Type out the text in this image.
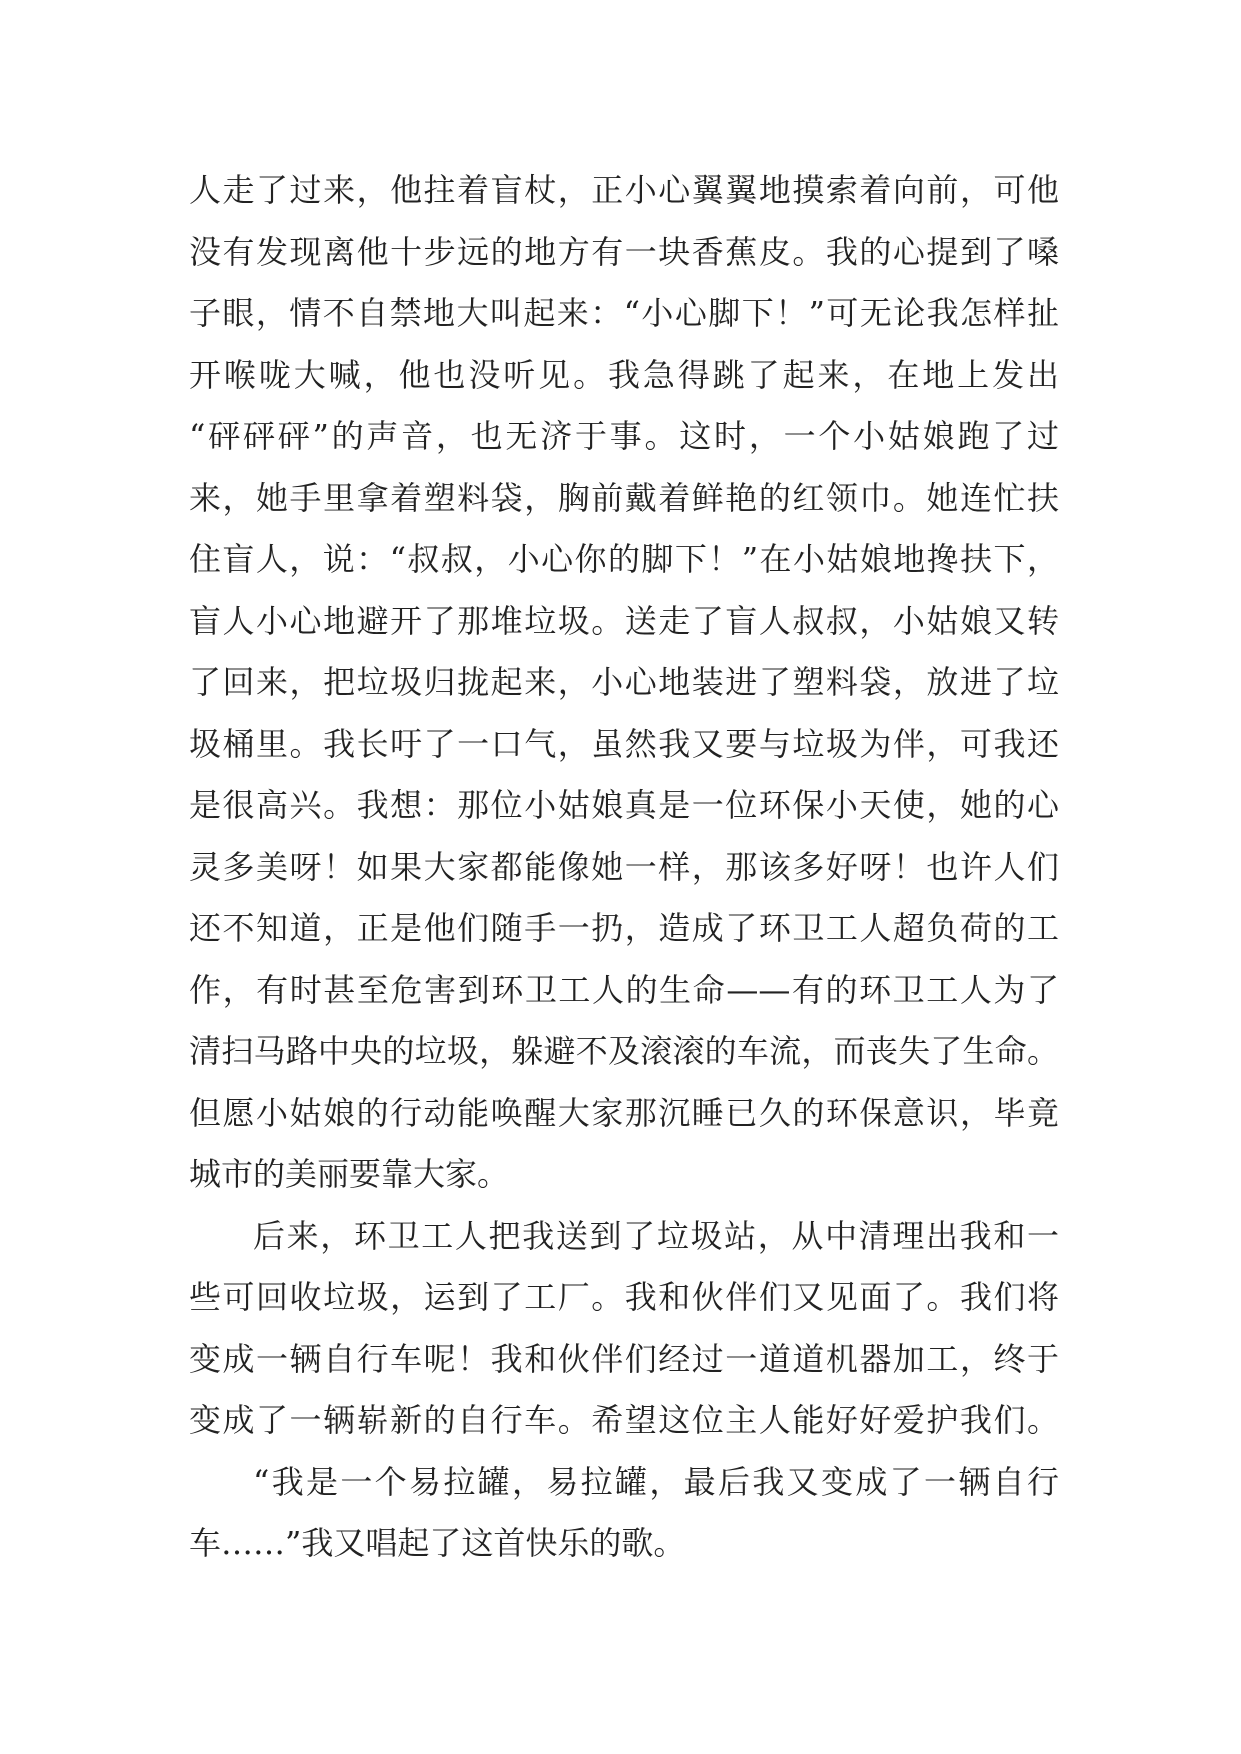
人走了过来，他拄着盲杖，正小心翼翼地摸索着向前，可他
没有发现离他十步远的地方有一块香蕉皮。我的心提到了嗓
子眼，情不自禁地大叫起来：“小心脚下！”可无论我怎样扯
开喉咙大喊，他也没听见。我急得跳了起来，在地上发出
“砰砰砰”的声音，也无济于事。这时，一个小姑娘跑了过
来，她手里拿着塑料袋，胸前戴着鲜艳的红领巾。她连忙扶
住盲人，说：“叔叔，小心你的脚下！”在小姑娘地搀扶下，
盲人小心地避开了那堆垃圾。送走了盲人叔叔，小姑娘又转
了回来，把垃圾归拢起来，小心地装进了塑料袋，放进了垃
圾桶里。我长吁了一口气，虽然我又要与垃圾为伴，可我还
是很高兴。我想：那位小姑娘真是一位环保小天使，她的心
灵多美呀！如果大家都能像她一样，那该多好呀！也许人们
还不知道，正是他们随手一扔，造成了环卫工人超负荷的工
作，有时甚至危害到环卫工人的生命——有的环卫工人为了
清扫马路中央的垃圾，躲避不及滚滚的车流，而丧失了生命。
但愿小姑娘的行动能唤醒大家那沉睡已久的环保意识，毕竟
城市的美丽要靠大家。
后来，环卫工人把我送到了垃圾站，从中清理出我和一
些可回收垃圾，运到了工厂。我和伙伴们又见面了。我们将
变成一辆自行车呢！我和伙伴们经过一道道机器加工，终于
变成了一辆崭新的自行车。希望这位主人能好好爱护我们。
“我是一个易拉罐，易拉罐，最后我又变成了一辆自行
车……”我又唱起了这首快乐的歌。
